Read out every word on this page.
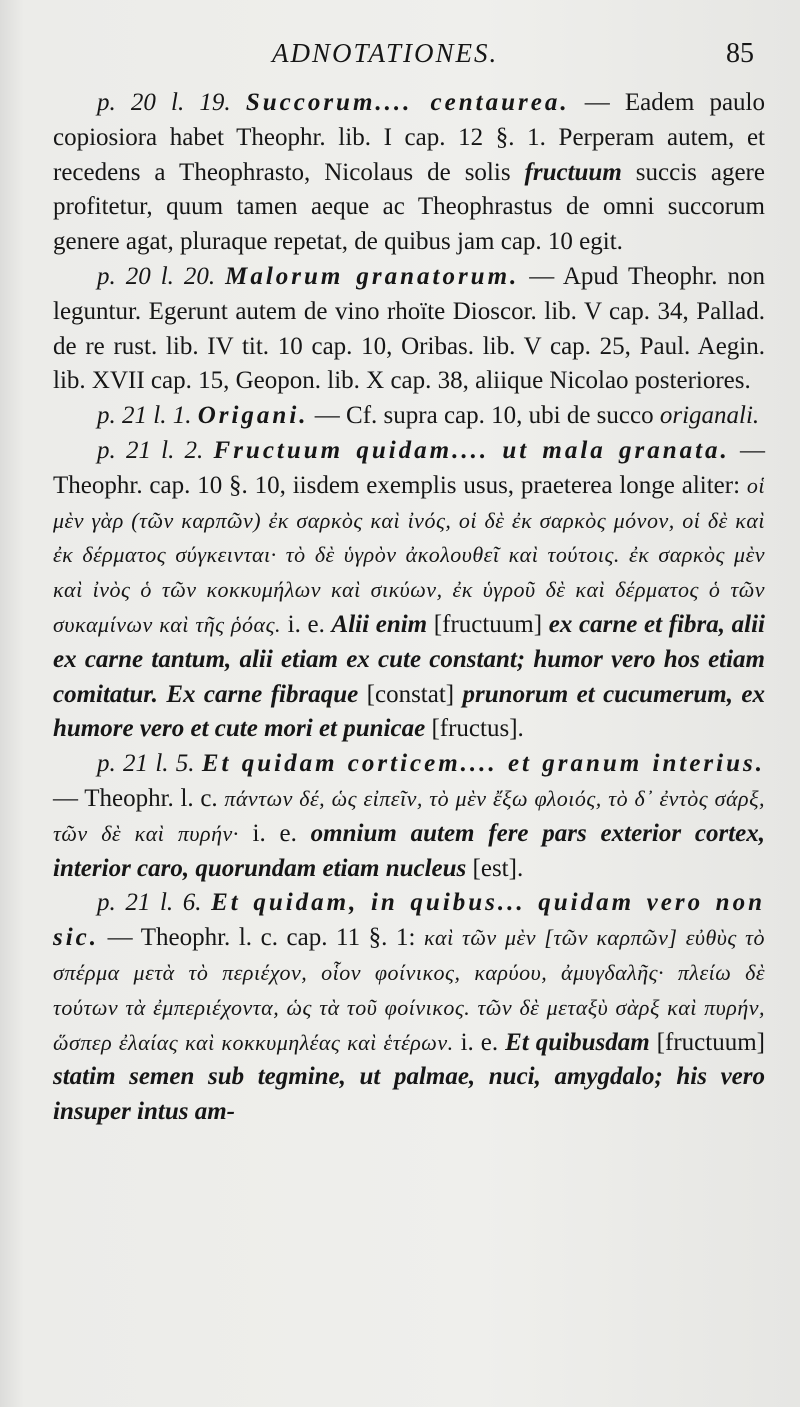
ADNOTATIONES.	85

p. 20 l. 19. Succorum.... centaurea. — Eadem paulo copiosiora habet Theophr. lib. I cap. 12 §. 1. Perperam autem, et recedens a Theophrasto, Nicolaus de solis fructuum succis agere profitetur, quum tamen aeque ac Theophrastus de omni succorum genere agat, pluraque repetat, de quibus jam cap. 10 egit.

p. 20 l. 20. Malorum granatorum. — Apud Theophr. non leguntur. Egerunt autem de vino rhoïte Dioscor. lib. V cap. 34, Pallad. de re rust. lib. IV tit. 10 cap. 10, Oribas. lib. V cap. 25, Paul. Aegin. lib. XVII cap. 15, Geopon. lib. X cap. 38, aliique Nicolao posteriores.

p. 21 l. 1. Origani. — Cf. supra cap. 10, ubi de succo origanali.

p. 21 l. 2. Fructuum quidam.... ut mala granata. — Theophr. cap. 10 §. 10, iisdem exemplis usus, praeterea longe aliter: οἱ μὲν γὰρ (τῶν καρπῶν) ἐκ σαρκὸς καὶ ἰνός, οἱ δὲ ἐκ σαρκὸς μόνον, οἱ δὲ καὶ ἐκ δέρματος σύγκεινται· τὸ δὲ ὑγρὸν ἀκολουθεῖ καὶ τούτοις. ἐκ σαρκὸς μὲν καὶ ἰνὸς ὁ τῶν κοκκυμήλων καὶ σικύων, ἐκ ὑγροῦ δὲ καὶ δέρματος ὁ τῶν συκαμίνων καὶ τῆς ῥόας. i. e. Alii enim [fructuum] ex carne et fibra, alii ex carne tantum, alii etiam ex cute constant; humor vero hos etiam comitatur. Ex carne fibraque [constat] prunorum et cucumerum, ex humore vero et cute mori et punicae [fructus].

p. 21 l. 5. Et quidam corticem.... et granum interius. — Theophr. l. c. πάντων δέ, ὡς εἰπεῖν, τὸ μὲν ἔξω φλοιός, τὸ δ᾽ ἐντὸς σάρξ, τῶν δὲ καὶ πυρήν· i. e. omnium autem fere pars exterior cortex, interior caro, quorundam etiam nucleus [est].

p. 21 l. 6. Et quidam, in quibus... quidam vero non sic. — Theophr. l. c. cap. 11 §. 1: καὶ τῶν μὲν [τῶν καρπῶν] εὐθὺς τὸ σπέρμα μετὰ τὸ περιέχον, οἷον φοίνικος, καρύου, ἀμυγδαλῆς· πλείω δὲ τούτων τὰ ἐμπεριέχοντα, ὡς τὰ τοῦ φοίνικος. τῶν δὲ μεταξὺ σὰρξ καὶ πυρήν, ὥσπερ ἐλαίας καὶ κοκκυμηλέας καὶ ἑτέρων. i. e. Et quibusdam [fructuum] statim semen sub tegmine, ut palmae, nuci, amygdalo; his vero insuper intus am-
